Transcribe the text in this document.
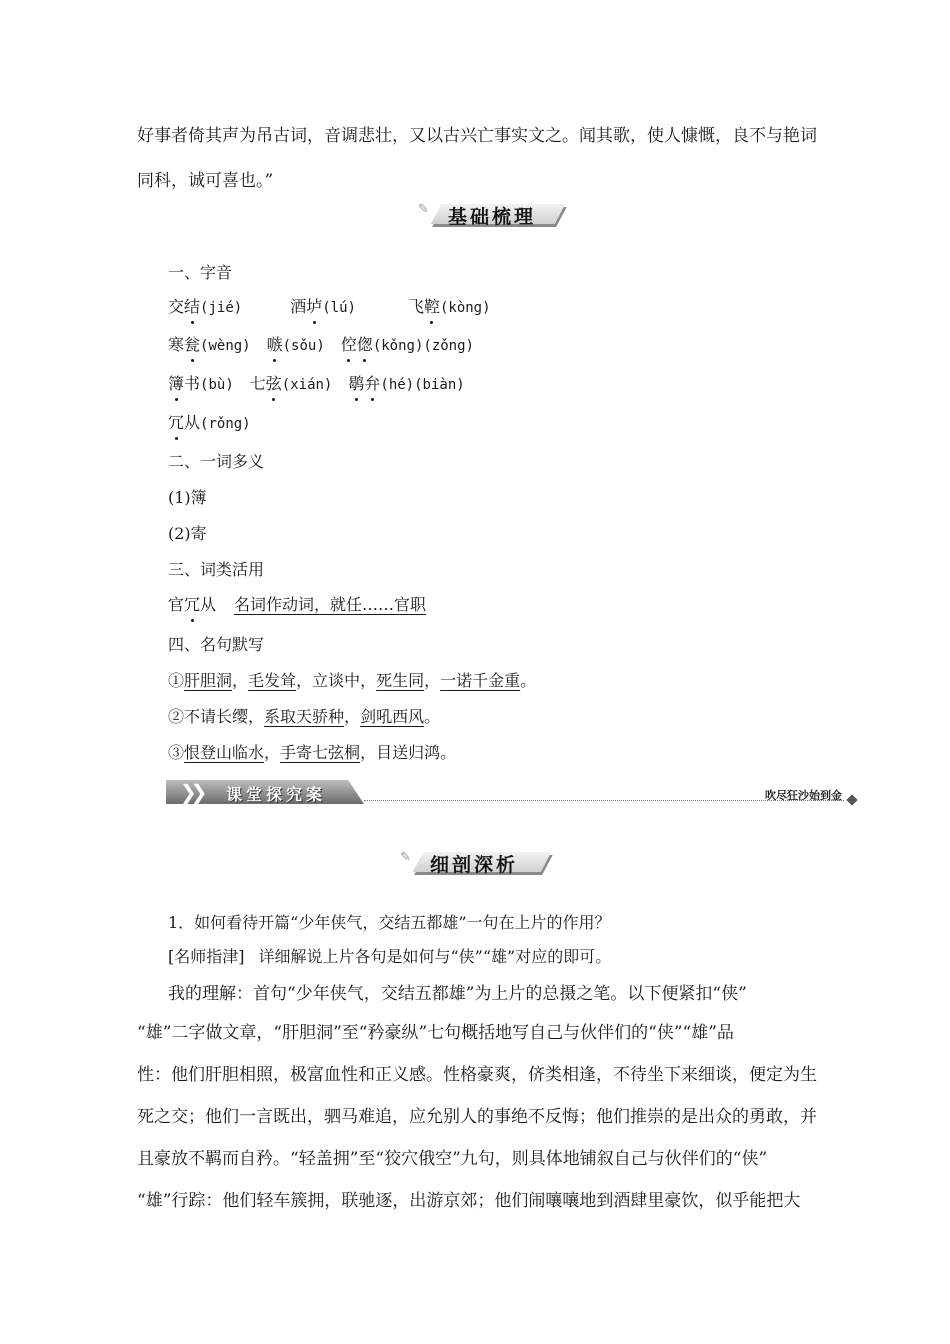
好事者倚其声为吊古词，音调悲壮，又以古兴亡事实文之。闻其歌，使人慷慨，良不与艳词
同科，诚可喜也。”
✎ 基础梳理
一、字音
交结(jié)	酒垆(lú)	飞鞚(kòng)
寒瓮(wèng) 嗾(sǒu) 倥偬(kǒng)(zǒng)
簿书(bù) 七弦(xián) 鹖弁(hé)(biàn)
冗从(rǒng)
二、一词多义
(1)簿
(2)寄
三、词类活用
官冗从 名词作动词，就任……官职
四、名句默写
①肝胆洞，毛发耸，立谈中，死生同，一诺千金重。
②不请长缨，系取天骄种，剑吼西风。
③恨登山临水，手寄七弦桐，目送归鸿。
❯❯ 课堂探究案	吹尽狂沙始到金
✎ 细剖深析
1．如何看待开篇“少年侠气，交结五都雄”一句在上片的作用？
[名师指津] 详细解说上片各句是如何与“侠”“雄”对应的即可。
我的理解：首句“少年侠气，交结五都雄”为上片的总摄之笔。以下便紧扣“侠”
“雄”二字做文章，“肝胆洞”至“矜豪纵”七句概括地写自己与伙伴们的“侠”“雄”品
性：他们肝胆相照，极富血性和正义感。性格豪爽，侪类相逢，不待坐下来细谈，便定为生
死之交；他们一言既出，驷马难追，应允别人的事绝不反悔；他们推崇的是出众的勇敢，并
且豪放不羁而自矜。“轻盖拥”至“狡穴俄空”九句，则具体地铺叙自己与伙伴们的“侠”
“雄”行踪：他们轻车簇拥，联驰逐，出游京郊；他们闹嚷嚷地到酒肆里豪饮，似乎能把大
